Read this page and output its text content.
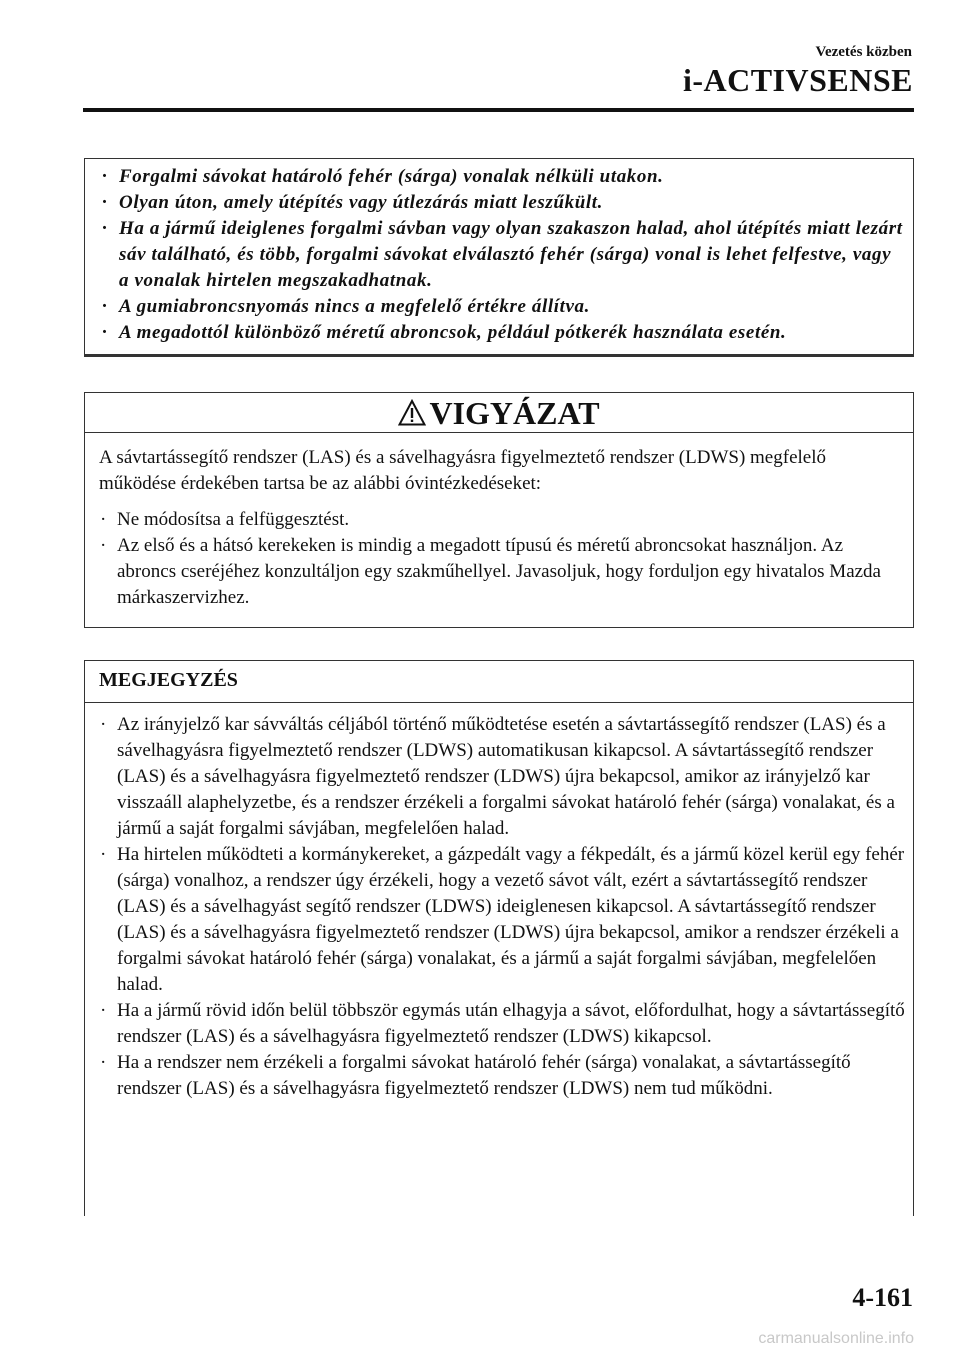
Vezetés közben
i-ACTIVSENSE
· Forgalmi sávokat határoló fehér (sárga) vonalak nélküli utakon.
· Olyan úton, amely útépítés vagy útlezárás miatt leszűkült.
· Ha a jármű ideiglenes forgalmi sávban vagy olyan szakaszon halad, ahol útépítés miatt lezárt sáv található, és több, forgalmi sávokat elválasztó fehér (sárga) vonal is lehet felfestve, vagy a vonalak hirtelen megszakadhatnak.
· A gumiabroncsnyomás nincs a megfelelő értékre állítva.
· A megadottól különböző méretű abroncsok, például pótkerék használata esetén.
VIGYÁZAT

A sávtartássegítő rendszer (LAS) és a sávelhagyásra figyelmeztető rendszer (LDWS) megfelelő működése érdekében tartsa be az alábbi óvintézkedéseket:

· Ne módosítsa a felfüggesztést.
· Az első és a hátsó kerekeken is mindig a megadott típusú és méretű abroncsokat használjon. Az abroncs cseréjéhez konzultáljon egy szakműhellyel. Javasoljuk, hogy forduljon egy hivatalos Mazda márkaszervizhez.
MEGJEGYZÉS
· Az irányjelző kar sávváltás céljából történő működtetése esetén a sávtartássegítő rendszer (LAS) és a sávelhagyásra figyelmeztető rendszer (LDWS) automatikusan kikapcsol. A sávtartássegítő rendszer (LAS) és a sávelhagyásra figyelmeztető rendszer (LDWS) újra bekapcsol, amikor az irányjelző kar visszaáll alaphelyzetbe, és a rendszer érzékeli a forgalmi sávokat határoló fehér (sárga) vonalakat, és a jármű a saját forgalmi sávjában, megfelelően halad.
· Ha hirtelen működteti a kormánykereket, a gázpedált vagy a fékpedált, és a jármű közel kerül egy fehér (sárga) vonalhoz, a rendszer úgy érzékeli, hogy a vezető sávot vált, ezért a sávtartássegítő rendszer (LAS) és a sávelhagyást segítő rendszer (LDWS) ideiglenesen kikapcsol. A sávtartássegítő rendszer (LAS) és a sávelhagyásra figyelmeztető rendszer (LDWS) újra bekapcsol, amikor a rendszer érzékeli a forgalmi sávokat határoló fehér (sárga) vonalakat, és a jármű a saját forgalmi sávjában, megfelelően halad.
· Ha a jármű rövid időn belül többször egymás után elhagyja a sávot, előfordulhat, hogy a sávtartássegítő rendszer (LAS) és a sávelhagyásra figyelmeztető rendszer (LDWS) kikapcsol.
· Ha a rendszer nem érzékeli a forgalmi sávokat határoló fehér (sárga) vonalakat, a sávtartássegítő rendszer (LAS) és a sávelhagyásra figyelmeztető rendszer (LDWS) nem tud működni.
4-161
carmanualsonline.info
